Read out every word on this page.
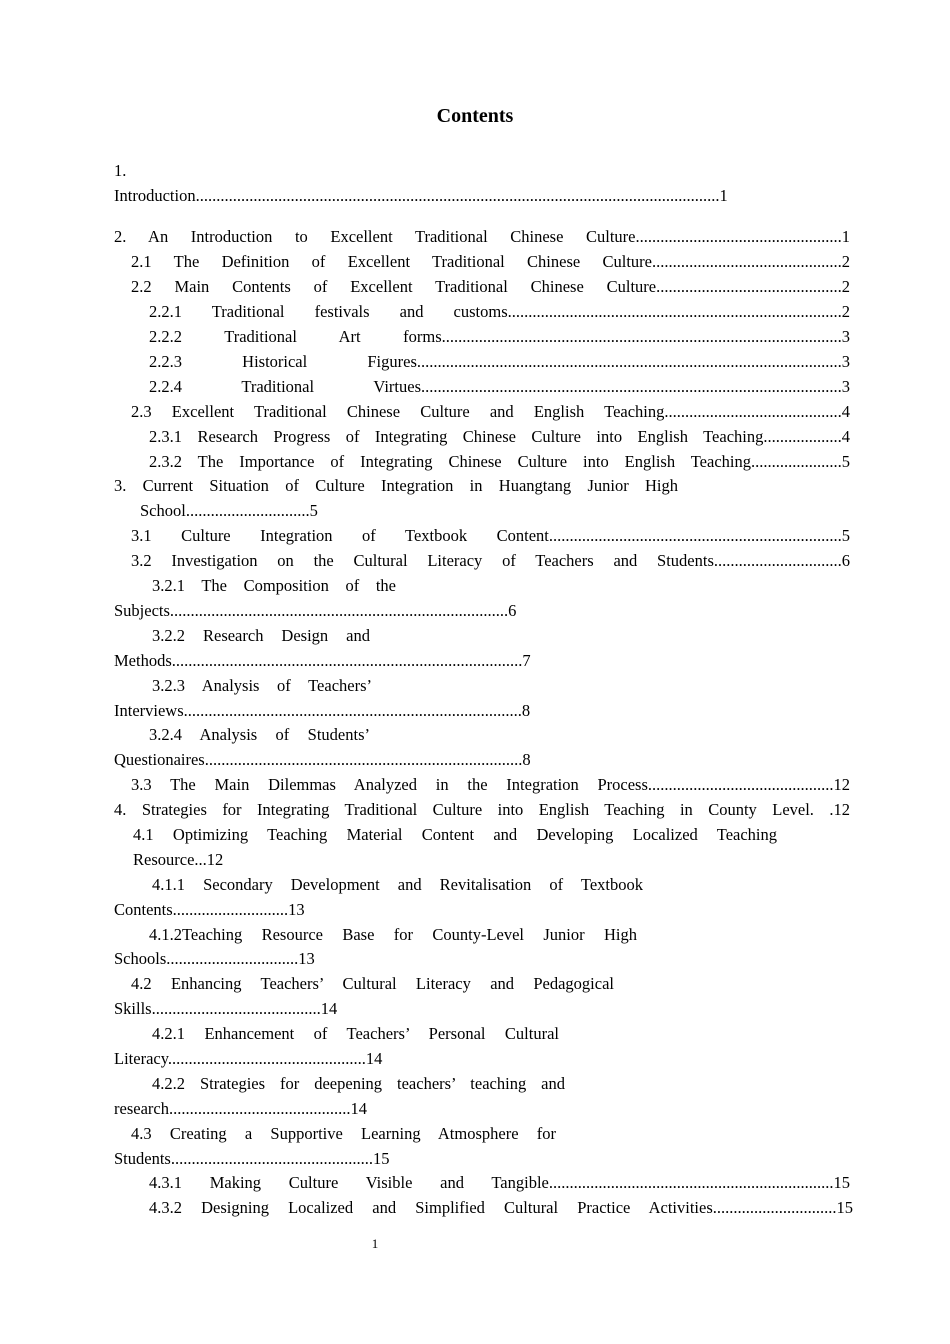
Contents
1.
Introduction...............................................................................................................................1
2. An Introduction to Excellent Traditional Chinese Culture..................................................1
2.1 The Definition of Excellent Traditional Chinese Culture..............................................2
2.2 Main Contents of Excellent Traditional Chinese Culture.............................................2
2.2.1 Traditional festivals and customs.................................................................................2
2.2.2 Traditional Art forms.................................................................................................3
2.2.3 Historical Figures.......................................................................................................3
2.2.4 Traditional Virtues......................................................................................................3
2.3 Excellent Traditional Chinese Culture and English Teaching...........................................4
2.3.1 Research Progress of Integrating Chinese Culture into English Teaching...................4
2.3.2 The Importance of Integrating Chinese Culture into English Teaching......................5
3. Current Situation of Culture Integration in Huangtang Junior High
School..............................5
3.1 Culture Integration of Textbook Content.......................................................................5
3.2 Investigation on the Cultural Literacy of Teachers and Students...............................6
3.2.1 The Composition of the
Subjects..................................................................................6
3.2.2 Research Design and
Methods.....................................................................................7
3.2.3 Analysis of Teachers’
Interviews..................................................................................8
3.2.4 Analysis of Students’
Questionaires.............................................................................8
3.3 The Main Dilemmas Analyzed in the Integration Process.............................................12
4. Strategies for Integrating Traditional Culture into English Teaching in County Level. .12
4.1 Optimizing Teaching Material Content and Developing Localized Teaching
Resource...12
4.1.1 Secondary Development and Revitalisation of Textbook
Contents............................13
4.1.2Teaching Resource Base for County-Level Junior High
Schools................................13
4.2 Enhancing Teachers’ Cultural Literacy and Pedagogical
Skills.........................................14
4.2.1 Enhancement of Teachers’ Personal Cultural
Literacy................................................14
4.2.2 Strategies for deepening teachers’ teaching and
research............................................14
4.3 Creating a Supportive Learning Atmosphere for
Students.................................................15
4.3.1 Making Culture Visible and Tangible.....................................................................15
4.3.2 Designing Localized and Simplified Cultural Practice Activities..............................15
1
